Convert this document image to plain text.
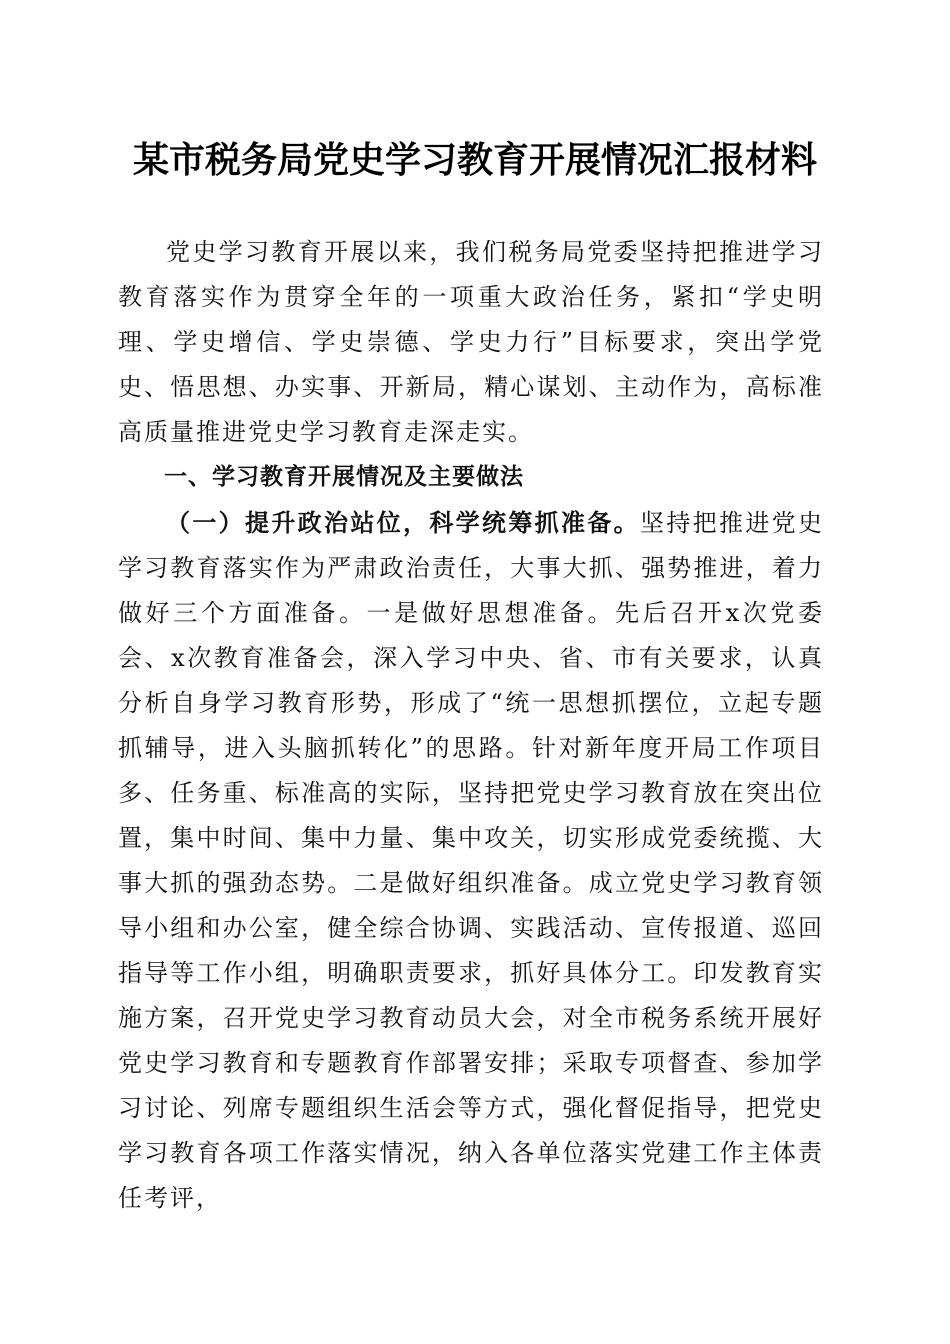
某市税务局党史学习教育开展情况汇报材料

党史学习教育开展以来，我们税务局党委坚持把推进学习教育落实作为贯穿全年的一项重大政治任务，紧扣“学史明理、学史增信、学史崇德、学史力行”目标要求，突出学党史、悟思想、办实事、开新局，精心谋划、主动作为，高标准高质量推进党史学习教育走深走实。

一、学习教育开展情况及主要做法

（一）提升政治站位，科学统筹抓准备。坚持把推进党史学习教育落实作为严肃政治责任，大事大抓、强势推进，着力做好三个方面准备。一是做好思想准备。先后召开x次党委会、x次教育准备会，深入学习中央、省、市有关要求，认真分析自身学习教育形势，形成了“统一思想抓摆位，立起专题抓辅导，进入头脑抓转化”的思路。针对新年度开局工作项目多、任务重、标准高的实际，坚持把党史学习教育放在突出位置，集中时间、集中力量、集中攻关，切实形成党委统揽、大事大抓的强劲态势。二是做好组织准备。成立党史学习教育领导小组和办公室，健全综合协调、实践活动、宣传报道、巡回指导等工作小组，明确职责要求，抓好具体分工。印发教育实施方案，召开党史学习教育动员大会，对全市税务系统开展好党史学习教育和专题教育作部署安排；采取专项督查、参加学习讨论、列席专题组织生活会等方式，强化督促指导，把党史学习教育各项工作落实情况，纳入各单位落实党建工作主体责任考评，
